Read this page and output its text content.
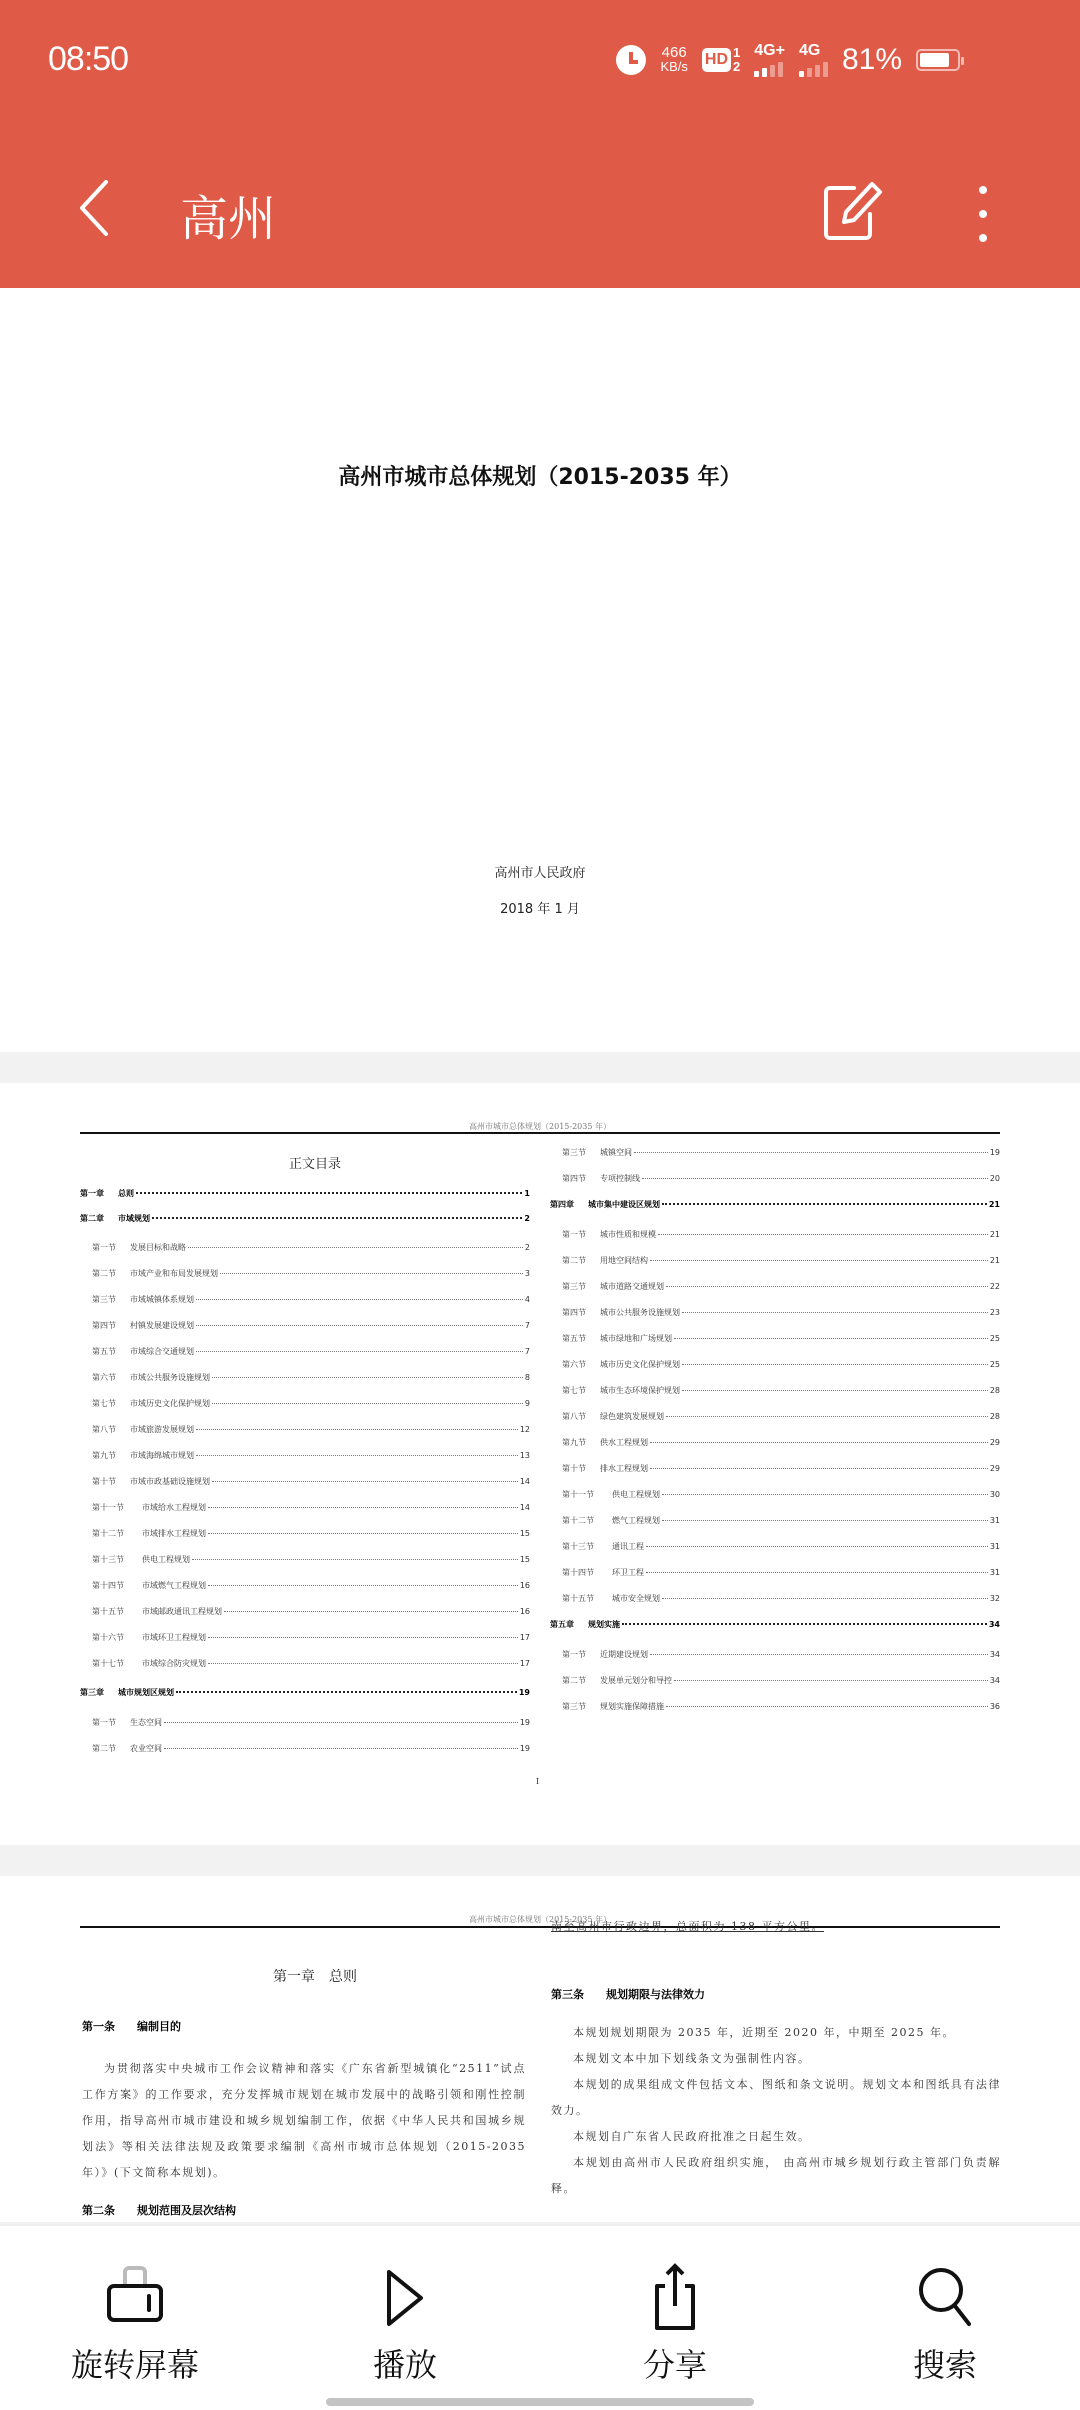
08:50	466
KB/s HD 1
2
4G+ 4G 81%
高州
高州市城市总体规划（2015-2035 年）
高州市人民政府
2018 年 1 月
高州市城市总体规划（2015-2035 年）
正文目录
第一章	总则	1
第二章	市域规划	2
第一节	发展目标和战略	2
第二节	市域产业和布局发展规划	3
第三节	市域城镇体系规划	4
第四节	村镇发展建设规划	7
第五节	市域综合交通规划	7
第六节	市域公共服务设施规划	8
第七节	市域历史文化保护规划	9
第八节	市域旅游发展规划	12
第九节	市域海绵城市规划	13
第十节	市域市政基础设施规划	14
第十一节	市域给水工程规划	14
第十二节	市域排水工程规划	15
第十三节	供电工程规划	15
第十四节	市域燃气工程规划	16
第十五节	市域邮政通讯工程规划	16
第十六节	市域环卫工程规划	17
第十七节	市域综合防灾规划	17
第三章	城市规划区规划	19
第一节	生态空间	19
第二节	农业空间	19
第三节	城镇空间	19
第四节	专项控制线	20
第四章	城市集中建设区规划	21
第一节	城市性质和规模	21
第二节	用地空间结构	21
第三节	城市道路交通规划	22
第四节	城市公共服务设施规划	23
第五节	城市绿地和广场规划	25
第六节	城市历史文化保护规划	25
第七节	城市生态环境保护规划	28
第八节	绿色建筑发展规划	28
第九节	供水工程规划	29
第十节	排水工程规划	29
第十一节	供电工程规划	30
第十二节	燃气工程规划	31
第十三节	通讯工程	31
第十四节	环卫工程	31
第十五节	城市安全规划	32
第五章	规划实施	34
第一节	近期建设规划	34
第二节	发展单元划分和导控	34
第三节	规划实施保障措施	36
I
高州市城市总体规划（2015-2035 年）
第一章　总则
第一条　　编制目的
为贯彻落实中央城市工作会议精神和落实《广东省新型城镇化“2511”试点工作方案》的工作要求，充分发挥城市规划在城市发展中的战略引领和刚性控制作用，指导高州市城市建设和城乡规划编制工作，依据《中华人民共和国城乡规划法》等相关法律法规及政策要求编制《高州市城市总体规划（2015-2035 年）》(下文简称本规划)。
第二条　　规划范围及层次结构
南至高州市行政边界，总面积为 138 平方公里。
第三条　　规划期限与法律效力
本规划规划期限为 2035 年，近期至 2020 年，中期至 2025 年。
本规划文本中加下划线条文为强制性内容。
本规划的成果组成文件包括文本、图纸和条文说明。规划文本和图纸具有法律效力。
本规划自广东省人民政府批准之日起生效。
本规划由高州市人民政府组织实施， 由高州市城乡规划行政主管部门负责解释。
旋转屏幕	播放	分享	搜索
